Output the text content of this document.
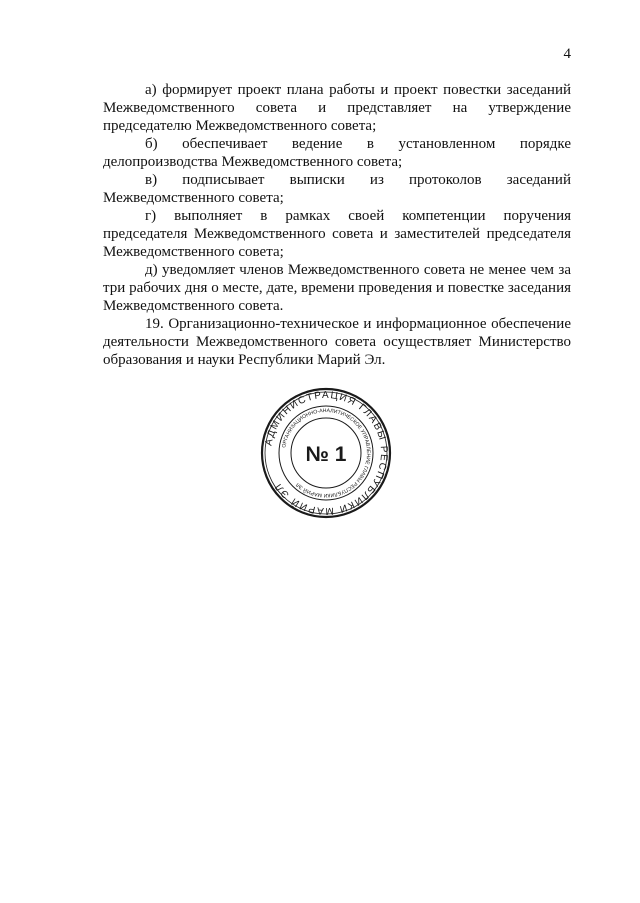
4

а) формирует проект плана работы и проект повестки заседаний Межведомственного совета и представляет на утверждение председателю Межведомственного совета;

б) обеспечивает ведение в установленном порядке делопроизводства Межведомственного совета;

в) подписывает выписки из протоколов заседаний Межведомственного совета;

г) выполняет в рамках своей компетенции поручения председателя Межведомственного совета и заместителей председателя Межведомственного совета;

д) уведомляет членов Межведомственного совета не менее чем за три рабочих дня о месте, дате, времени проведения и повестке заседания Межведомственного совета.

19. Организационно-техническое и информационное обеспечение деятельности Межведомственного совета осуществляет Министерство образования и науки Республики Марий Эл.

АДМИНИСТРАЦИЯ ГЛАВЫ РЕСПУБЛИКИ МАРИЙ ЭЛ
ОРГАНИЗАЦИОННО-АНАЛИТИЧЕСКОЕ УПРАВЛЕНИЕ ГЛАВЫ РЕСПУБЛИКИ МАРИЙ ЭЛ
№ 1
